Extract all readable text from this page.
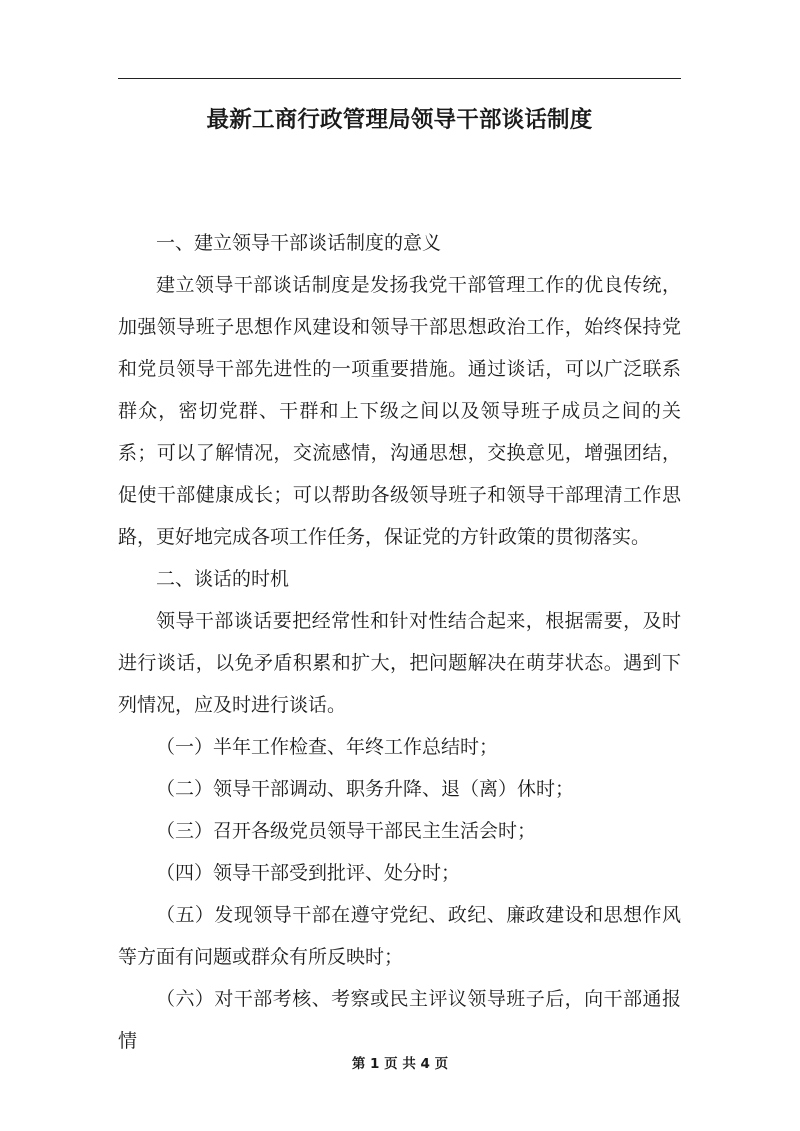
最新工商行政管理局领导干部谈话制度

一、建立领导干部谈话制度的意义

建立领导干部谈话制度是发扬我党干部管理工作的优良传统，加强领导班子思想作风建设和领导干部思想政治工作，始终保持党和党员领导干部先进性的一项重要措施。通过谈话，可以广泛联系群众，密切党群、干群和上下级之间以及领导班子成员之间的关系；可以了解情况，交流感情，沟通思想，交换意见，增强团结，促使干部健康成长；可以帮助各级领导班子和领导干部理清工作思路，更好地完成各项工作任务，保证党的方针政策的贯彻落实。

二、谈话的时机

领导干部谈话要把经常性和针对性结合起来，根据需要，及时进行谈话，以免矛盾积累和扩大，把问题解决在萌芽状态。遇到下列情况，应及时进行谈话。

（一）半年工作检查、年终工作总结时；

（二）领导干部调动、职务升降、退（离）休时；

（三）召开各级党员领导干部民主生活会时；

（四）领导干部受到批评、处分时；

（五）发现领导干部在遵守党纪、政纪、廉政建设和思想作风等方面有问题或群众有所反映时；

（六）对干部考核、考察或民主评议领导班子后，向干部通报情

第 1 页 共 4 页
